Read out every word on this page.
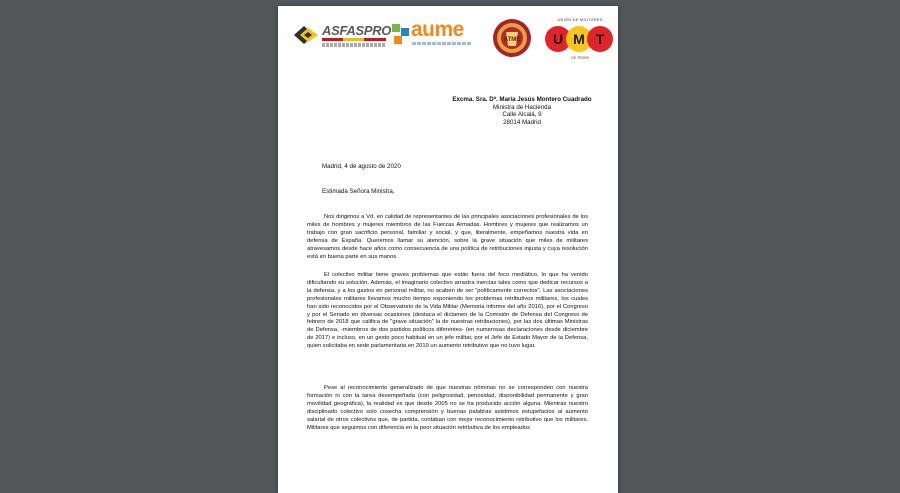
ASFASPRO aume	ATME
UNIÓN DE MILITARES
U M T
DE TROPA
Excma. Sra. Dª. María Jesús Montero Cuadrado
Ministra de Hacienda
Calle Alcalá, 9
28014 Madrid
Madrid, 4 de agosto de 2020
Estimada Señora Ministra,

Nos dirigimos a Vd. en calidad de representantes de las principales asociaciones profesionales de los miles de hombres y mujeres miembros de las Fuerzas Armadas. Hombres y mujeres que realizamos un trabajo con gran sacrificio personal, familiar y social, y que, literalmente, empeñamos nuestra vida en defensa de España. Queremos llamar su atención, sobre la grave situación que miles de militares atravesamos desde hace años como consecuencia de una política de retribuciones injusta y cuya resolución está en buena parte en sus manos.

El colectivo militar tiene graves problemas que están fuera del foco mediático, lo que ha venido dificultando su solución. Además, el imaginario colectivo arrastra inercias tales como que dedicar recursos a la defensa, y a los gastos en personal militar, no acaben de ser "políticamente correctos". Las asociaciones profesionales militares llevamos mucho tiempo exponiendo los problemas retributivos militares, los cuales han sido reconocidos por el Observatorio de la Vida Militar (Memoria informe del año 2016), por el Congreso y por el Senado en diversas ocasiones (destaca el dictamen de la Comisión de Defensa del Congreso de febrero de 2018 que califica de "grave situación" la de nuestras retribuciones), por las dos últimas Ministras de Defensa, -miembros de dos partidos políticos diferentes- (en numerosas declaraciones desde diciembre de 2017) e incluso, en un gesto poco habitual en un jefe militar, por el Jefe de Estado Mayor de la Defensa, quien solicitaba en sede parlamentaria en 2019 un aumento retributivo que no tuvo lugar.

Pese al reconocimiento generalizado de que nuestras nóminas no se corresponden con nuestra formación ni con la tarea desempeñada (con peligrosidad, penosidad, disponibilidad permanente y gran movilidad geográfica), la realidad es que desde 2005 no se ha producido acción alguna. Mientras nuestro disciplinado colectivo solo cosecha comprensión y buenas palabras asistimos estupefactos al aumento salarial de otros colectivos que, de partida, contaban con mejor reconocimiento retributivo que los militares. Militares que seguimos con diferencia en la peor situación retributiva de los empleados
